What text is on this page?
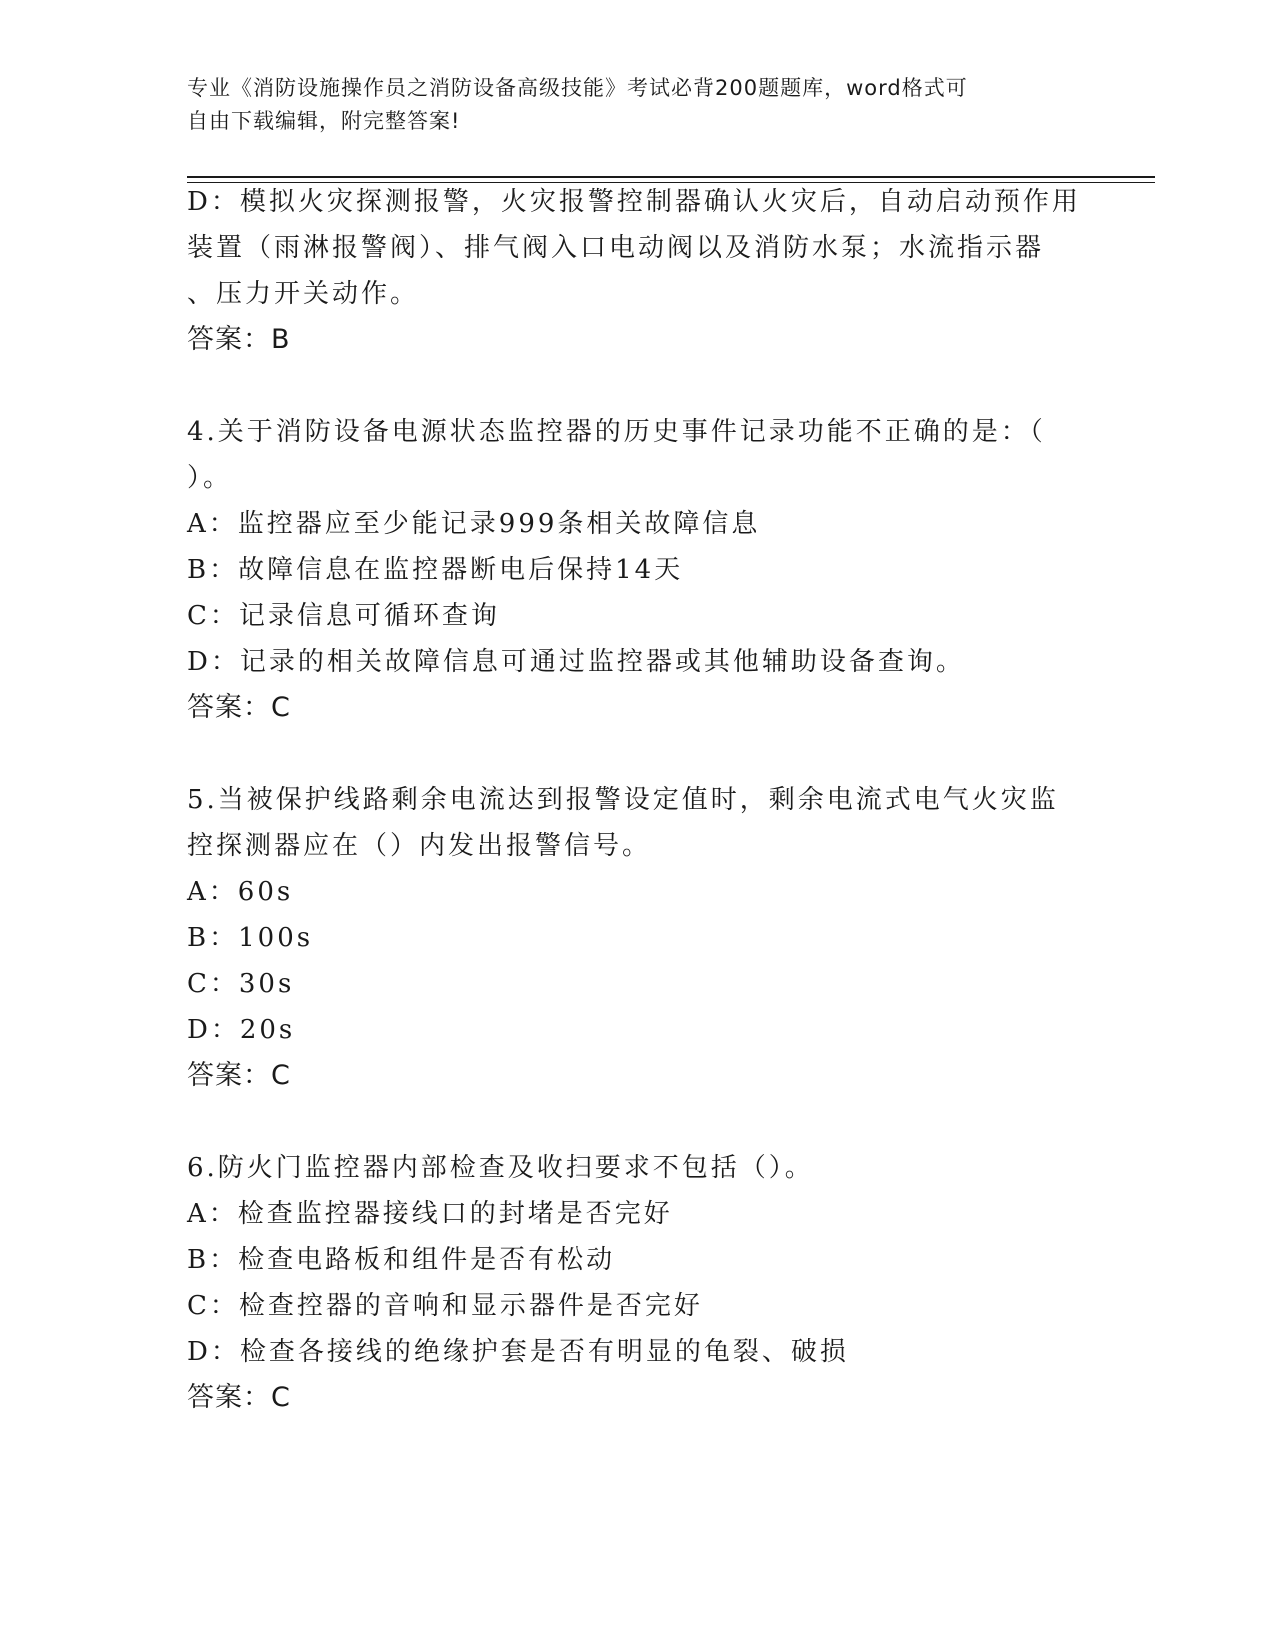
专业《消防设施操作员之消防设备高级技能》考试必背200题题库，word格式可
自由下载编辑，附完整答案!
D：模拟火灾探测报警，火灾报警控制器确认火灾后，自动启动预作用
装置（雨淋报警阀）、排气阀入口电动阀以及消防水泵；水流指示器
、压力开关动作。
答案：B
4.关于消防设备电源状态监控器的历史事件记录功能不正确的是：（
）。
A：监控器应至少能记录999条相关故障信息
B：故障信息在监控器断电后保持14天
C：记录信息可循环查询
D：记录的相关故障信息可通过监控器或其他辅助设备查询。
答案：C
5.当被保护线路剩余电流达到报警设定值时，剩余电流式电气火灾监
控探测器应在（）内发出报警信号。
A：60s
B：100s
C：30s
D：20s
答案：C
6.防火门监控器内部检查及收扫要求不包括（）。
A：检查监控器接线口的封堵是否完好
B：检查电路板和组件是否有松动
C：检查控器的音响和显示器件是否完好
D：检查各接线的绝缘护套是否有明显的龟裂、破损
答案：C
